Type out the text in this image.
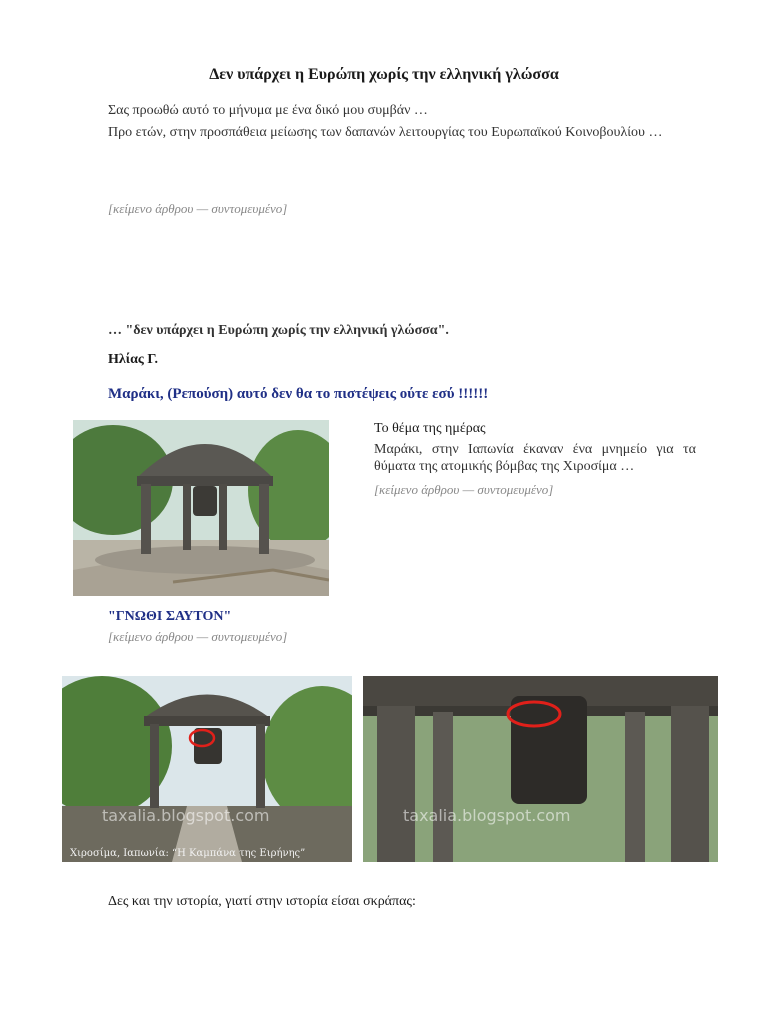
Δεν υπάρχει η Ευρώπη χωρίς την ελληνική γλώσσα
Σας προωθώ αυτό το μήνυμα με ένα δικό μου συμβάν …
Προ ετών, στην προσπάθεια μείωσης των δαπανών λειτουργίας του Ευρωπαϊκού Κοινοβουλίου …
[κείμενο άρθρου — συντομευμένο]
… "δεν υπάρχει η Ευρώπη χωρίς την ελληνική γλώσσα".
Ηλίας Γ.
Μαράκι, (Ρεπούση) αυτό δεν θα το πιστέψεις ούτε εσύ !!!!!!
Το θέμα της ημέρας
Μαράκι, στην Ιαπωνία έκαναν ένα μνημείο για τα θύματα της ατομικής βόμβας της Χιροσίμα …
[κείμενο άρθρου — συντομευμένο]
"ΓΝΩΘΙ ΣΑΥΤΟΝ"
[κείμενο άρθρου — συντομευμένο]
taxalia.blogspot.com
Χιροσίμα, Ιαπωνία: “Η Καμπάνα της Ειρήνης”
taxalia.blogspot.com
Δες και την ιστορία, γιατί στην ιστορία είσαι σκράπας:
